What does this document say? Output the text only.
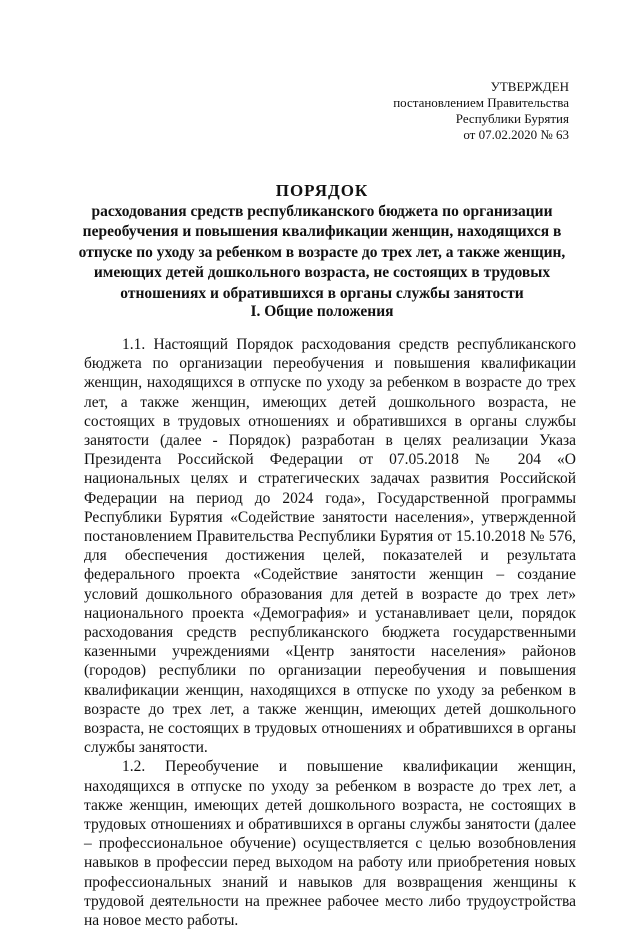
УТВЕРЖДЕН
постановлением Правительства
Республики Бурятия
от 07.02.2020 № 63
ПОРЯДОК
расходования средств республиканского бюджета по организации переобучения и повышения квалификации женщин, находящихся в отпуске по уходу за ребенком в возрасте до трех лет, а также женщин, имеющих детей дошкольного возраста, не состоящих в трудовых отношениях и обратившихся в органы службы занятости
I. Общие положения

1.1. Настоящий Порядок расходования средств республиканского бюджета по организации переобучения и повышения квалификации женщин, находящихся в отпуске по уходу за ребенком в возрасте до трех лет, а также женщин, имеющих детей дошкольного возраста, не состоящих в трудовых отношениях и обратившихся в органы службы занятости (далее - Порядок) разработан в целях реализации Указа Президента Российской Федерации от 07.05.2018 № 204 «О национальных целях и стратегических задачах развития Российской Федерации на период до 2024 года», Государственной программы Республики Бурятия «Содействие занятости населения», утвержденной постановлением Правительства Республики Бурятия от 15.10.2018 № 576, для обеспечения достижения целей, показателей и результата федерального проекта «Содействие занятости женщин – создание условий дошкольного образования для детей в возрасте до трех лет» национального проекта «Демография» и устанавливает цели, порядок расходования средств республиканского бюджета государственными казенными учреждениями «Центр занятости населения» районов (городов) республики по организации переобучения и повышения квалификации женщин, находящихся в отпуске по уходу за ребенком в возрасте до трех лет, а также женщин, имеющих детей дошкольного возраста, не состоящих в трудовых отношениях и обратившихся в органы службы занятости.

1.2. Переобучение и повышение квалификации женщин, находящихся в отпуске по уходу за ребенком в возрасте до трех лет, а также женщин, имеющих детей дошкольного возраста, не состоящих в трудовых отношениях и обратившихся в органы службы занятости (далее – профессиональное обучение) осуществляется с целью возобновления навыков в профессии перед выходом на работу или приобретения новых профессиональных знаний и навыков для возвращения женщины к трудовой деятельности на прежнее рабочее место либо трудоустройства на новое место работы.
